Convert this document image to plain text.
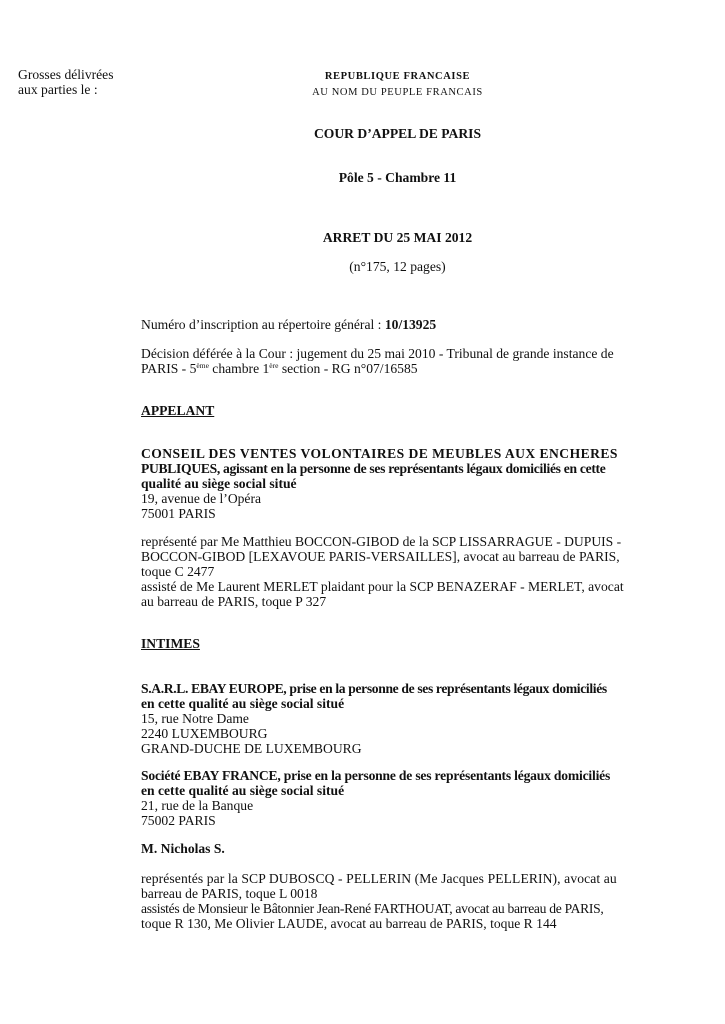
Grosses délivrées
aux parties le :
REPUBLIQUE FRANCAISE
AU NOM DU PEUPLE FRANCAIS
COUR D’APPEL DE PARIS
Pôle 5 - Chambre 11
ARRET DU 25 MAI 2012
(n°175, 12 pages)
Numéro d’inscription au répertoire général : 10/13925
Décision déférée à la Cour : jugement du 25 mai 2010 - Tribunal de grande instance de
PARIS - 5ème chambre 1ère section - RG n°07/16585
APPELANT
CONSEIL DES VENTES VOLONTAIRES DE MEUBLES AUX ENCHERES
PUBLIQUES, agissant en la personne de ses représentants légaux domiciliés en cette
qualité au siège social situé
19, avenue de l’Opéra
75001 PARIS
représenté par Me Matthieu BOCCON-GIBOD de la SCP LISSARRAGUE - DUPUIS -
BOCCON-GIBOD [LEXAVOUE PARIS-VERSAILLES], avocat au barreau de PARIS,
toque C 2477
assisté de Me Laurent MERLET plaidant pour la SCP BENAZERAF - MERLET, avocat
au barreau de PARIS, toque P 327
INTIMES
S.A.R.L. EBAY EUROPE, prise en la personne de ses représentants légaux domiciliés
en cette qualité au siège social situé
15, rue Notre Dame
2240 LUXEMBOURG
GRAND-DUCHE DE LUXEMBOURG
Société EBAY FRANCE, prise en la personne de ses représentants légaux domiciliés
en cette qualité au siège social situé
21, rue de la Banque
75002 PARIS
M. Nicholas S.
représentés par la SCP DUBOSCQ - PELLERIN (Me Jacques PELLERIN), avocat au
barreau de PARIS, toque L 0018
assistés de Monsieur le Bâtonnier Jean-René FARTHOUAT, avocat au barreau de PARIS,
toque R 130, Me Olivier LAUDE, avocat au barreau de PARIS, toque R 144
